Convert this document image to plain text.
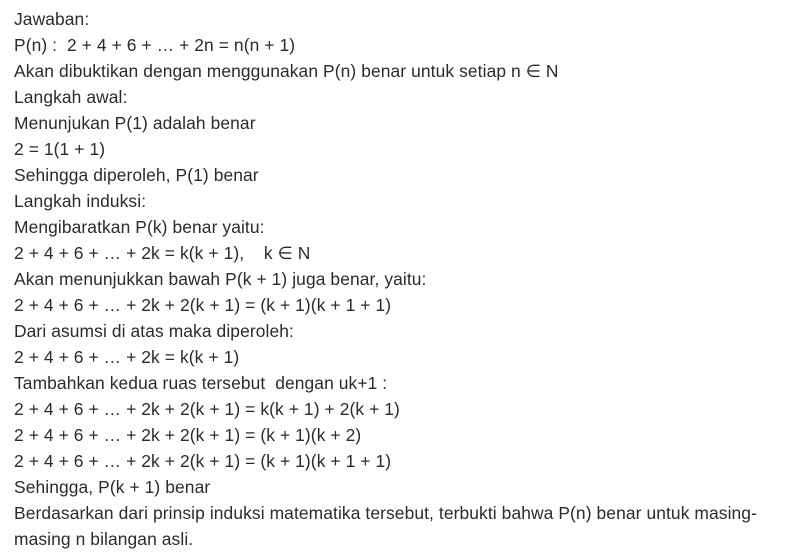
Jawaban:
P(n) :  2 + 4 + 6 + … + 2n = n(n + 1)
Akan dibuktikan dengan menggunakan P(n) benar untuk setiap n ∈ N
Langkah awal:
Menunjukan P(1) adalah benar
2 = 1(1 + 1)
Sehingga diperoleh, P(1) benar
Langkah induksi:
Mengibaratkan P(k) benar yaitu:
2 + 4 + 6 + … + 2k = k(k + 1),    k ∈ N
Akan menunjukkan bawah P(k + 1) juga benar, yaitu:
2 + 4 + 6 + … + 2k + 2(k + 1) = (k + 1)(k + 1 + 1)
Dari asumsi di atas maka diperoleh:
2 + 4 + 6 + … + 2k = k(k + 1)
Tambahkan kedua ruas tersebut  dengan uk+1 :
2 + 4 + 6 + … + 2k + 2(k + 1) = k(k + 1) + 2(k + 1)
2 + 4 + 6 + … + 2k + 2(k + 1) = (k + 1)(k + 2)
2 + 4 + 6 + … + 2k + 2(k + 1) = (k + 1)(k + 1 + 1)
Sehingga, P(k + 1) benar
Berdasarkan dari prinsip induksi matematika tersebut, terbukti bahwa P(n) benar untuk masing-masing n bilangan asli.
